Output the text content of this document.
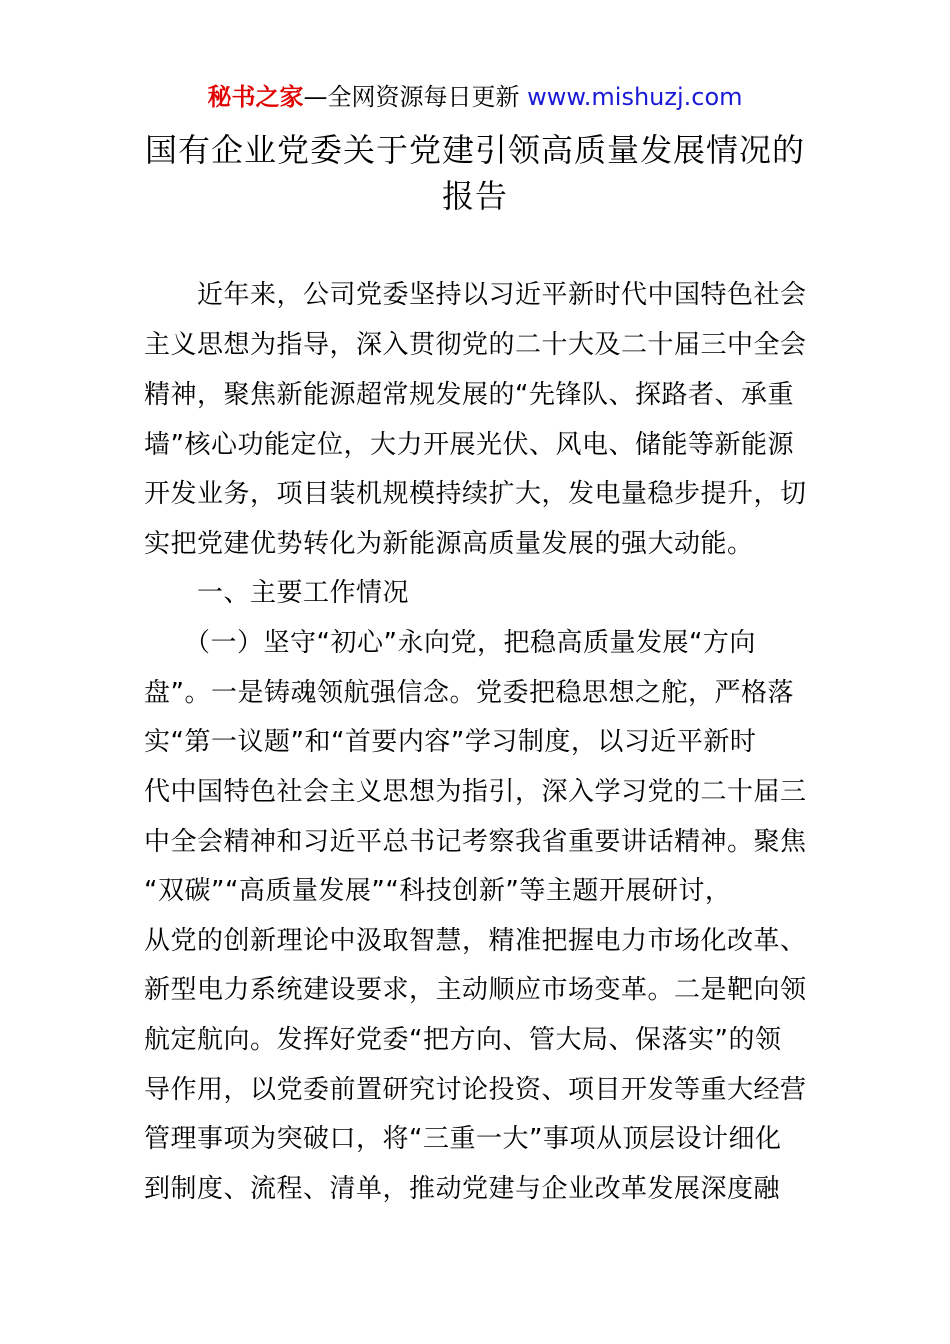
秘书之家—全网资源每日更新 www.mishuzj.com
国有企业党委关于党建引领高质量发展情况的
报告
　　近年来，公司党委坚持以习近平新时代中国特色社会
主义思想为指导，深入贯彻党的二十大及二十届三中全会
精神，聚焦新能源超常规发展的“先锋队、探路者、承重
墙”核心功能定位，大力开展光伏、风电、储能等新能源
开发业务，项目装机规模持续扩大，发电量稳步提升，切
实把党建优势转化为新能源高质量发展的强大动能。
　　一、主要工作情况
　　（一）坚守“初心”永向党，把稳高质量发展“方向
盘”。一是铸魂领航强信念。党委把稳思想之舵，严格落
实“第一议题”和“首要内容”学习制度，以习近平新时
代中国特色社会主义思想为指引，深入学习党的二十届三
中全会精神和习近平总书记考察我省重要讲话精神。聚焦
“双碳”“高质量发展”“科技创新”等主题开展研讨，
从党的创新理论中汲取智慧，精准把握电力市场化改革、
新型电力系统建设要求，主动顺应市场变革。二是靶向领
航定航向。发挥好党委“把方向、管大局、保落实”的领
导作用，以党委前置研究讨论投资、项目开发等重大经营
管理事项为突破口，将“三重一大”事项从顶层设计细化
到制度、流程、清单，推动党建与企业改革发展深度融
